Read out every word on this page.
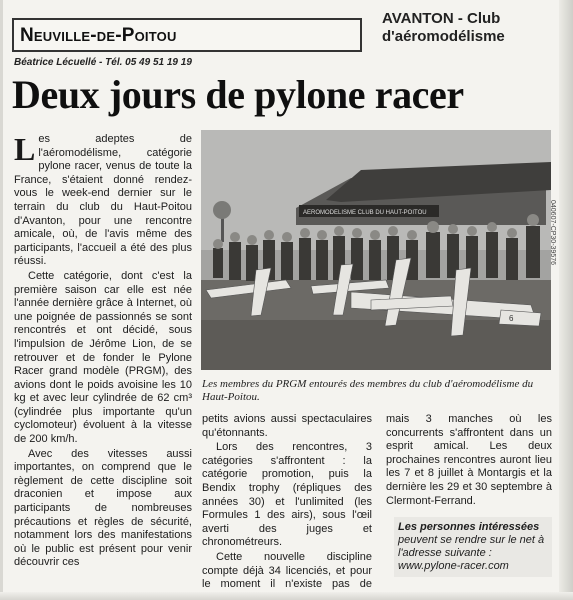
Neuville-de-Poitou
AVANTON - Club d'aéromodélisme
Béatrice Lécuellé - Tél. 05 49 51 19 19
Deux jours de pylone racer

Les adeptes de l'aéromodélisme, catégorie pylone racer, venus de toute la France, s'étaient donné rendez-vous le week-end dernier sur le terrain du club du Haut-Poitou d'Avanton, pour une rencontre amicale, où, de l'avis même des participants, l'accueil a été des plus réussi.

Cette catégorie, dont c'est la première saison car elle est née l'année dernière grâce à Internet, où une poignée de passionnés se sont rencontrés et ont décidé, sous l'impulsion de Jérôme Lion, de se retrouver et de fonder le Pylone Racer grand modèle (PRGM), des avions dont le poids avoisine les 10 kg et avec leur cylindrée de 62 cm³ (cylindrée plus importante qu'un cyclomoteur) évoluent à la vitesse de 200 km/h.

Avec des vitesses aussi importantes, on comprend que le règlement de cette discipline soit draconien et impose aux participants de nombreuses précautions et règles de sécurité, notamment lors des manifestations où le public est présent pour venir découvrir ces

AEROMODELISME CLUB DU HAUT-POITOU
6
040607-CP30-39576
Les membres du PRGM entourés des membres du club d'aéromodélisme du Haut-Poitou.

petits avions aussi spectaculaires qu'étonnants.

Lors des rencontres, 3 catégories s'affrontent : la catégorie promotion, puis la Bendix trophy (répliques des années 30) et l'unlimited (les Formules 1 des airs), sous l'œil averti des juges et chronométreurs.

Cette nouvelle discipline compte déjà 34 licenciés, et pour le moment il n'existe pas de

mais 3 manches où les concurrents s'affrontent dans un esprit amical. Les deux prochaines rencontres auront lieu les 7 et 8 juillet à Montargis et la dernière les 29 et 30 septembre à Clermont-Ferrand.

Les personnes intéressées peuvent se rendre sur le net à l'adresse suivante : www.pylone-racer.com
